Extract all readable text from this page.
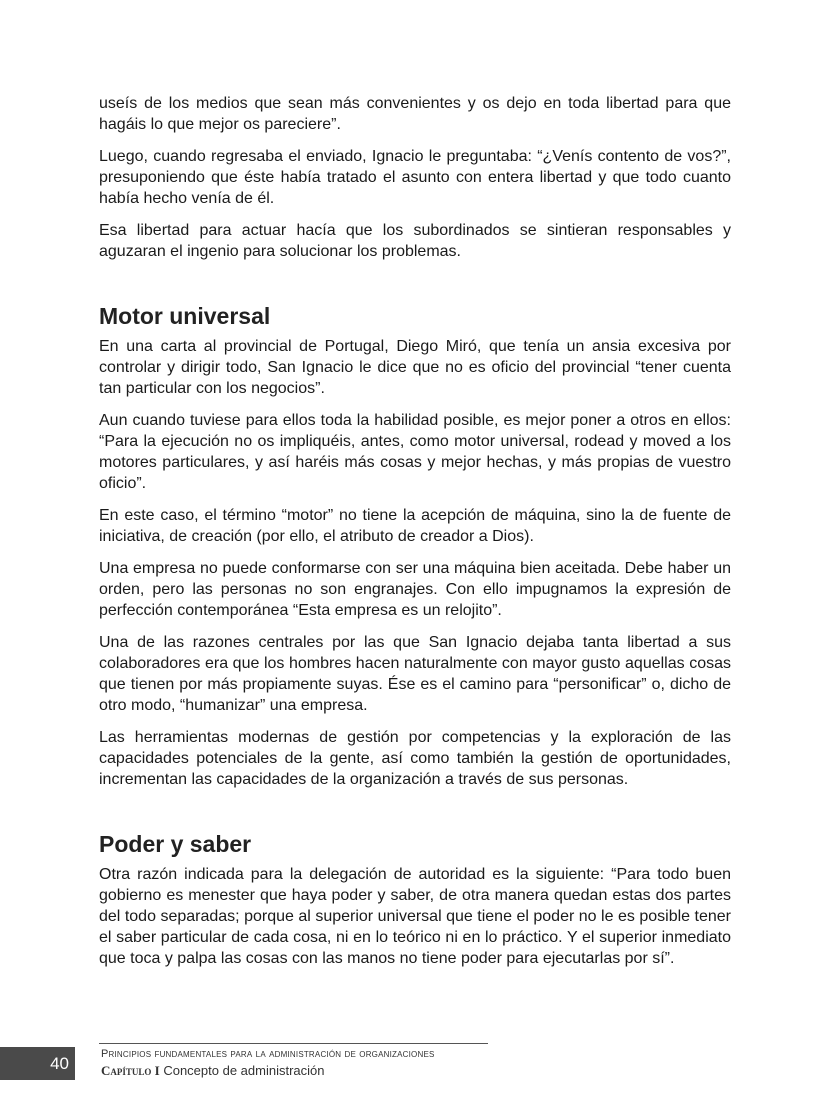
useís de los medios que sean más convenientes y os dejo en toda libertad para que hagáis lo que mejor os pareciere”.

Luego, cuando regresaba el enviado, Ignacio le preguntaba: “¿Venís contento de vos?”, presuponiendo que éste había tratado el asunto con entera libertad y que todo cuanto había hecho venía de él.

Esa libertad para actuar hacía que los subordinados se sintieran responsables y aguzaran el ingenio para solucionar los problemas.

Motor universal

En una carta al provincial de Portugal, Diego Miró, que tenía un ansia excesiva por controlar y dirigir todo, San Ignacio le dice que no es oficio del provincial “tener cuenta tan particular con los negocios”.

Aun cuando tuviese para ellos toda la habilidad posible, es mejor poner a otros en ellos: “Para la ejecución no os impliquéis, antes, como motor universal, rodead y moved a los motores particulares, y así haréis más cosas y mejor hechas, y más propias de vuestro oficio”.

En este caso, el término “motor” no tiene la acepción de máquina, sino la de fuente de iniciativa, de creación (por ello, el atributo de creador a Dios).

Una empresa no puede conformarse con ser una máquina bien aceitada. Debe haber un orden, pero las personas no son engranajes. Con ello impugnamos la expresión de perfección contemporánea “Esta empresa es un relojito”.

Una de las razones centrales por las que San Ignacio dejaba tanta libertad a sus colaboradores era que los hombres hacen naturalmente con mayor gusto aquellas cosas que tienen por más propiamente suyas. Ése es el camino para “personificar” o, dicho de otro modo, “humanizar” una empresa.

Las herramientas modernas de gestión por competencias y la exploración de las capacidades potenciales de la gente, así como también la gestión de oportunidades, incrementan las capacidades de la organización a través de sus personas.

Poder y saber

Otra razón indicada para la delegación de autoridad es la siguiente: “Para todo buen gobierno es menester que haya poder y saber, de otra manera quedan estas dos partes del todo separadas; porque al superior universal que tiene el poder no le es posible tener el saber particular de cada cosa, ni en lo teórico ni en lo práctico. Y el superior inmediato que toca y palpa las cosas con las manos no tiene poder para ejecutarlas por sí”.

40	Principios fundamentales para la administración de organizaciones
Capítulo I Concepto de administración
